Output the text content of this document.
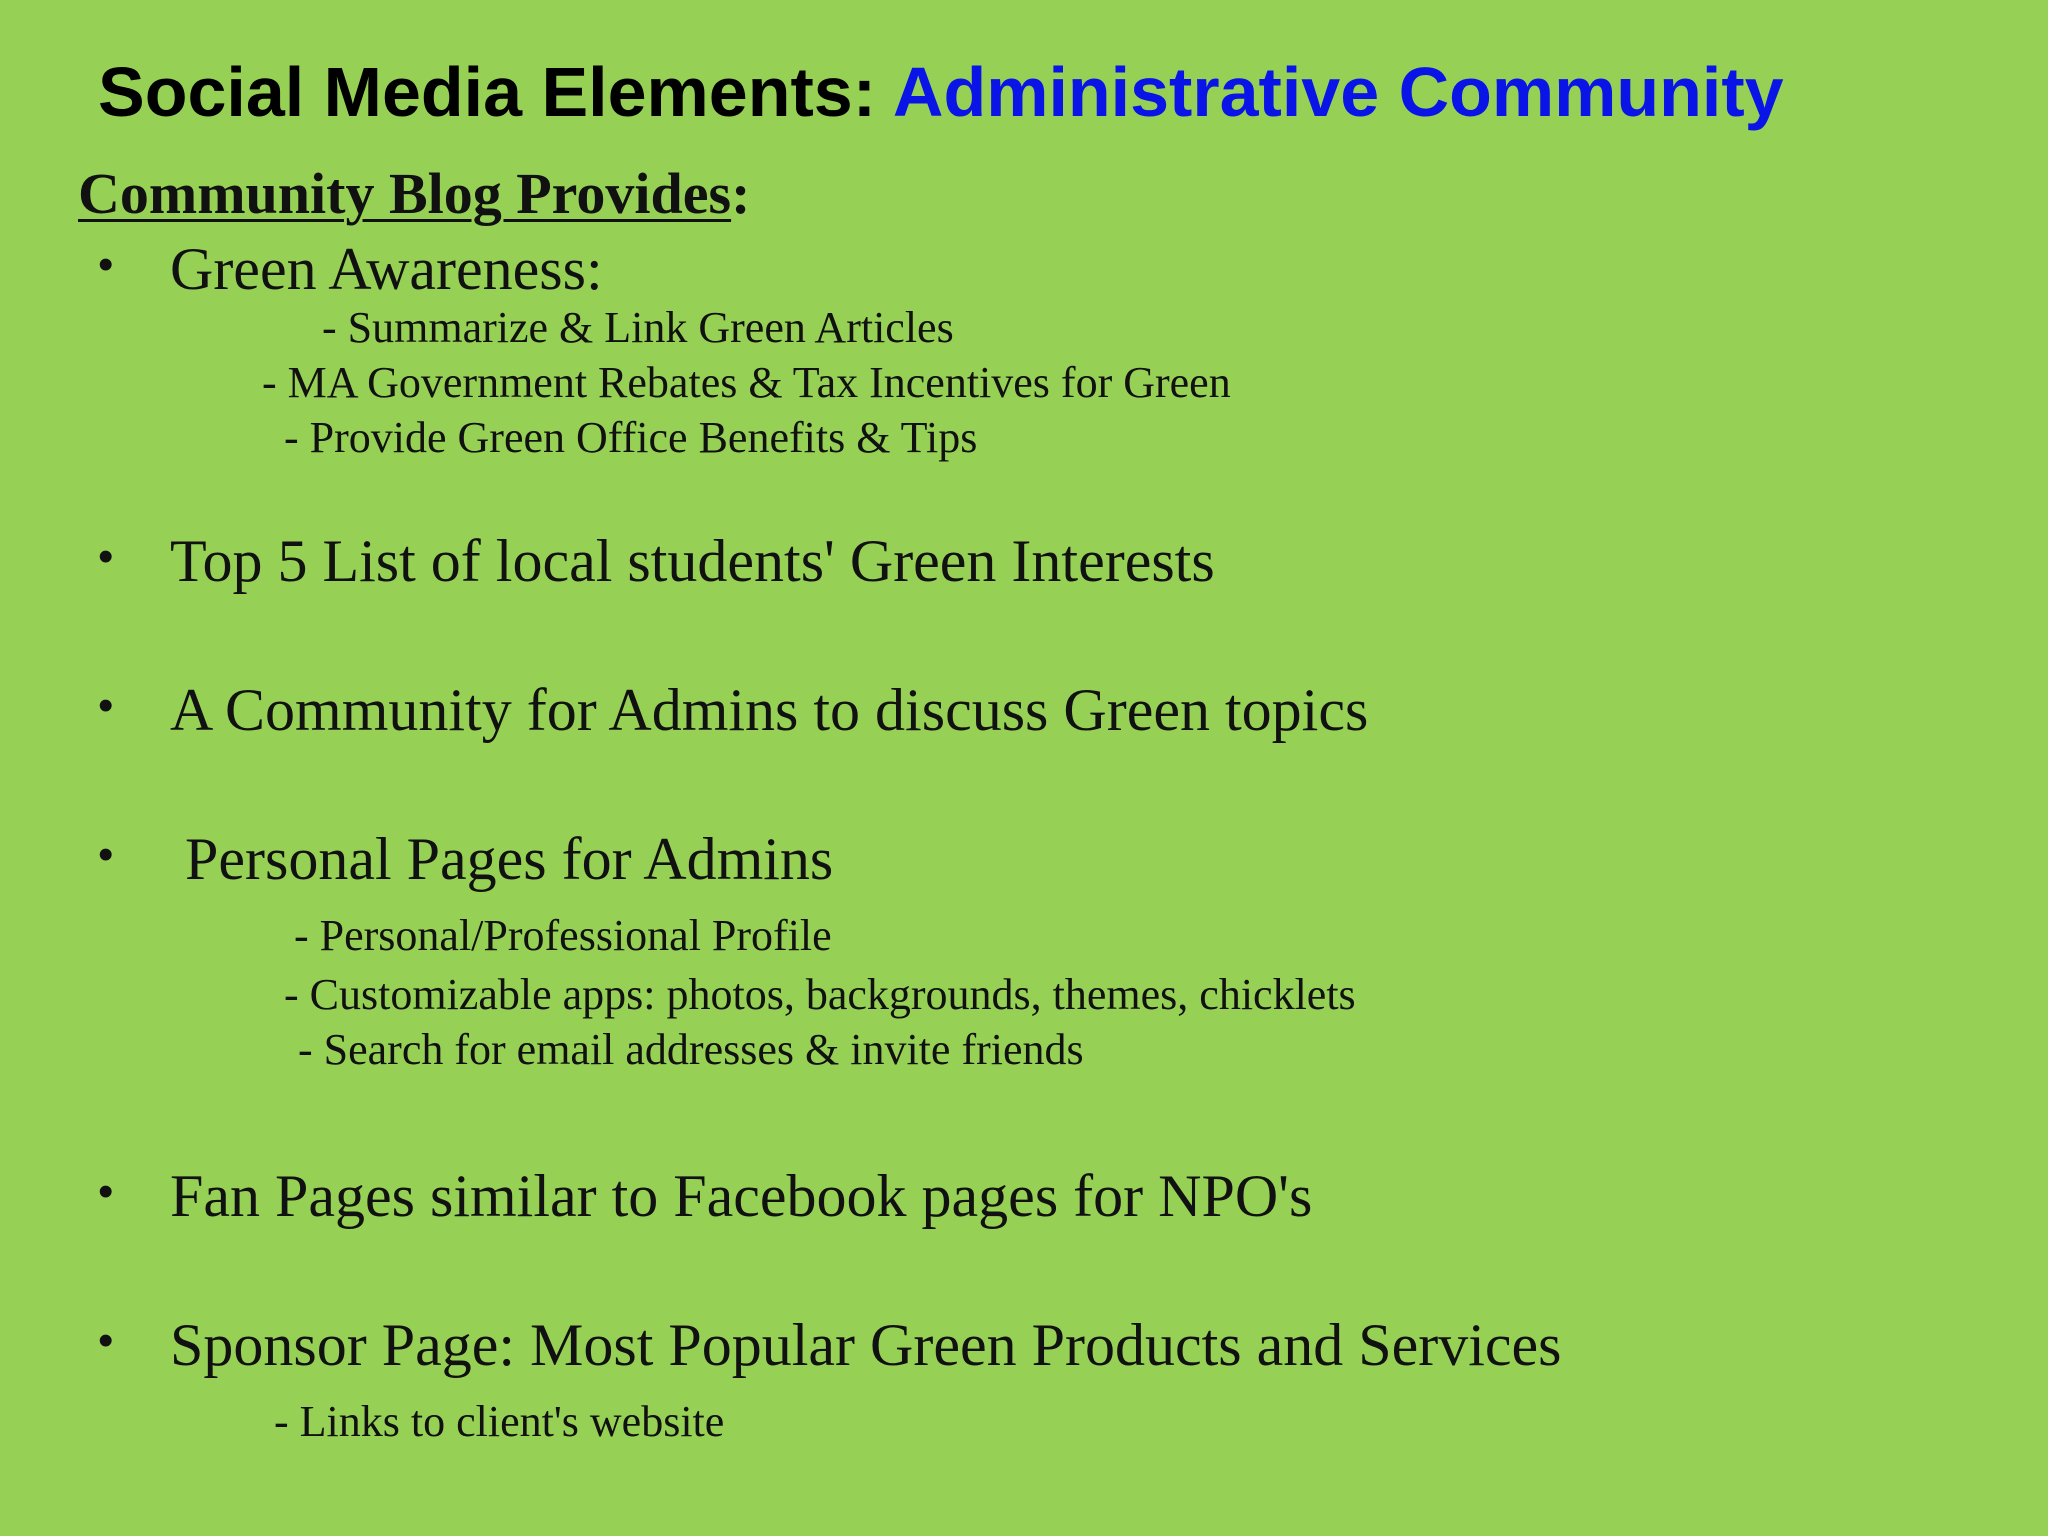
Social Media Elements: Administrative Community
Community Blog Provides:
• Green Awareness:
- Summarize & Link Green Articles
- MA Government Rebates & Tax Incentives for Green
- Provide Green Office Benefits & Tips
• Top 5 List of local students' Green Interests
• A Community for Admins to discuss Green topics
• Personal Pages for Admins
- Personal/Professional Profile
- Customizable apps: photos, backgrounds, themes, chicklets
- Search for email addresses & invite friends
• Fan Pages similar to Facebook pages for NPO's
• Sponsor Page: Most Popular Green Products and Services
- Links to client's website
